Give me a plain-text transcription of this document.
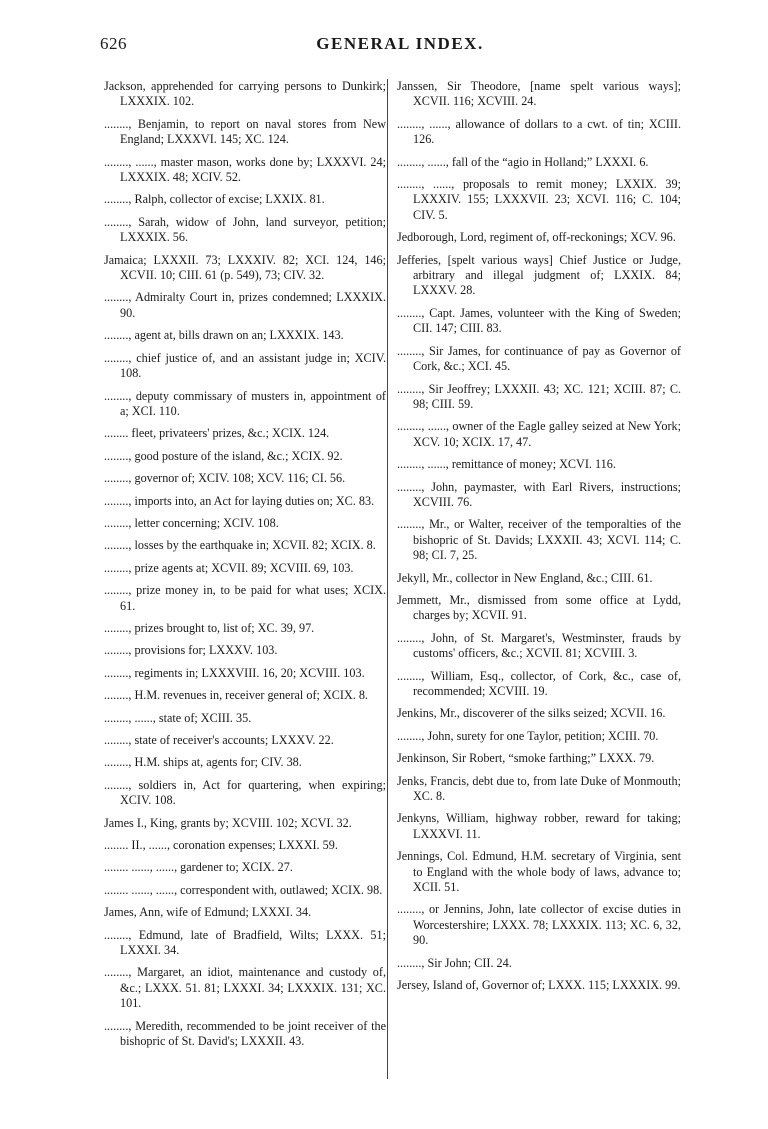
626	GENERAL INDEX.

Jackson, apprehended for carrying persons to Dunkirk; LXXXIX. 102.

........, Benjamin, to report on naval stores from New England; LXXXVI. 145; XC. 124.

........, ......, master mason, works done by; LXXXVI. 24; LXXXIX. 48; XCIV. 52.

........, Ralph, collector of excise; LXXIX. 81.

........, Sarah, widow of John, land surveyor, petition; LXXXIX. 56.

Jamaica; LXXXII. 73; LXXXIV. 82; XCI. 124, 146; XCVII. 10; CIII. 61 (p. 549), 73; CIV. 32.

........, Admiralty Court in, prizes condemned; LXXXIX. 90.

........, agent at, bills drawn on an; LXXXIX. 143.

........, chief justice of, and an assistant judge in; XCIV. 108.

........, deputy commissary of musters in, appointment of a; XCI. 110.

........ fleet, privateers' prizes, &c.; XCIX. 124.

........, good posture of the island, &c.; XCIX. 92.

........, governor of; XCIV. 108; XCV. 116; CI. 56.

........, imports into, an Act for laying duties on; XC. 83.

........, letter concerning; XCIV. 108.

........, losses by the earthquake in; XCVII. 82; XCIX. 8.

........, prize agents at; XCVII. 89; XCVIII. 69, 103.

........, prize money in, to be paid for what uses; XCIX. 61.

........, prizes brought to, list of; XC. 39, 97.

........, provisions for; LXXXV. 103.

........, regiments in; LXXXVIII. 16, 20; XCVIII. 103.

........, H.M. revenues in, receiver general of; XCIX. 8.

........, ......, state of; XCIII. 35.

........, state of receiver's accounts; LXXXV. 22.

........, H.M. ships at, agents for; CIV. 38.

........, soldiers in, Act for quartering, when expiring; XCIV. 108.

James I., King, grants by; XCVIII. 102; XCVI. 32.

........ II., ......, coronation expenses; LXXXI. 59.

........ ......, ......, gardener to; XCIX. 27.

........ ......, ......, correspondent with, outlawed; XCIX. 98.

James, Ann, wife of Edmund; LXXXI. 34.

........, Edmund, late of Bradfield, Wilts; LXXX. 51; LXXXI. 34.

........, Margaret, an idiot, maintenance and custody of, &c.; LXXX. 51. 81; LXXXI. 34; LXXXIX. 131; XC. 101.

........, Meredith, recommended to be joint receiver of the bishopric of St. David's; LXXXII. 43.

Janssen, Sir Theodore, [name spelt various ways]; XCVII. 116; XCVIII. 24.

........, ......, allowance of dollars to a cwt. of tin; XCIII. 126.

........, ......, fall of the “agio in Holland;” LXXXI. 6.

........, ......, proposals to remit money; LXXIX. 39; LXXXIV. 155; LXXXVII. 23; XCVI. 116; C. 104; CIV. 5.

Jedborough, Lord, regiment of, off-reckonings; XCV. 96.

Jefferies, [spelt various ways] Chief Justice or Judge, arbitrary and illegal judgment of; LXXIX. 84; LXXXV. 28.

........, Capt. James, volunteer with the King of Sweden; CII. 147; CIII. 83.

........, Sir James, for continuance of pay as Governor of Cork, &c.; XCI. 45.

........, Sir Jeoffrey; LXXXII. 43; XC. 121; XCIII. 87; C. 98; CIII. 59.

........, ......, owner of the Eagle galley seized at New York; XCV. 10; XCIX. 17, 47.

........, ......, remittance of money; XCVI. 116.

........, John, paymaster, with Earl Rivers, instructions; XCVIII. 76.

........, Mr., or Walter, receiver of the temporalties of the bishopric of St. Davids; LXXXII. 43; XCVI. 114; C. 98; CI. 7, 25.

Jekyll, Mr., collector in New England, &c.; CIII. 61.

Jemmett, Mr., dismissed from some office at Lydd, charges by; XCVII. 91.

........, John, of St. Margaret's, Westminster, frauds by customs' officers, &c.; XCVII. 81; XCVIII. 3.

........, William, Esq., collector, of Cork, &c., case of, recommended; XCVIII. 19.

Jenkins, Mr., discoverer of the silks seized; XCVII. 16.

........, John, surety for one Taylor, petition; XCIII. 70.

Jenkinson, Sir Robert, “smoke farthing;” LXXX. 79.

Jenks, Francis, debt due to, from late Duke of Monmouth; XC. 8.

Jenkyns, William, highway robber, reward for taking; LXXXVI. 11.

Jennings, Col. Edmund, H.M. secretary of Virginia, sent to England with the whole body of laws, advance to; XCII. 51.

........, or Jennins, John, late collector of excise duties in Worcestershire; LXXX. 78; LXXXIX. 113; XC. 6, 32, 90.

........, Sir John; CII. 24.

Jersey, Island of, Governor of; LXXX. 115; LXXXIX. 99.
